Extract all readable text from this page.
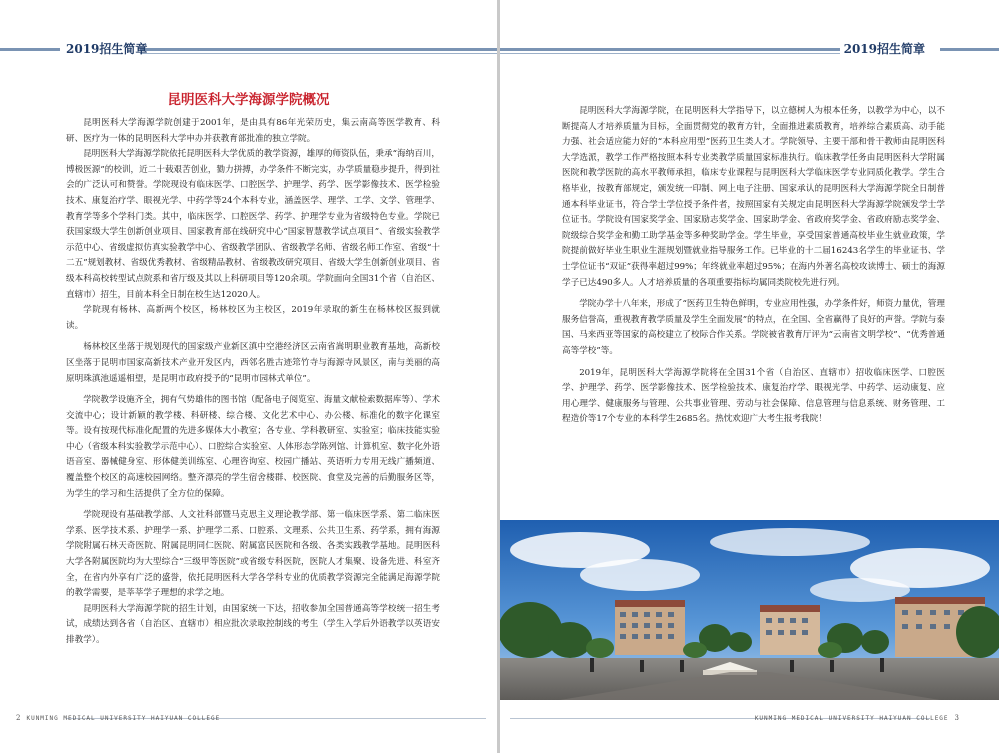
2019招生简章
昆明医科大学海源学院概况

昆明医科大学海源学院创建于2001年，是由具有86年光荣历史，集云南高等医学教育、科研、医疗为一体的昆明医科大学申办并获教育部批准的独立学院。

昆明医科大学海源学院依托昆明医科大学优质的教学资源，雄厚的师资队伍，秉承“海纳百川，博极医源”的校训，近二十载艰苦创业，勠力拼搏，办学条件不断完实，办学质量稳步提升，得到社会的广泛认可和赞誉。学院现设有临床医学、口腔医学、护理学、药学、医学影像技术、医学检验技术、康复治疗学、眼视光学、中药学等24个本科专业，涵盖医学、理学、工学、文学、管理学、教育学等多个学科门类。其中，临床医学、口腔医学、药学、护理学专业为省级特色专业。学院已获国家级大学生创新创业项目、国家教育部在线研究中心“国家智慧教学试点项目”、省级实验教学示范中心、省级虚拟仿真实验教学中心、省级教学团队、省级教学名师、省级名师工作室、省级“十二五”规划教材、省级优秀教材、省级精品教材、省级教改研究项目、省级大学生创新创业项目、省级本科高校转型试点院系和省厅级及其以上科研项目等120余项。学院面向全国31个省（自治区、直辖市）招生，目前本科全日制在校生达12020人。

学院现有杨林、高新两个校区，杨林校区为主校区，2019年录取的新生在杨林校区报到就读。

杨林校区坐落于规划现代的国家级产业新区滇中空港经济区云南省嵩明职业教育基地，高新校区坐落于昆明市国家高新技术产业开发区内，西邻名胜古迹筇竹寺与海源寺风景区，南与美丽的高原明珠滇池遥遥相望，是昆明市政府授予的“昆明市园林式单位”。

学院教学设施齐全，拥有气势雄伟的图书馆（配备电子阅览室、海量文献检索数据库等）、学术交流中心；设计新颖的教学楼、科研楼、综合楼、文化艺术中心、办公楼、标准化的数字化课室等。设有按现代标准化配置的先进多媒体大小教室；各专业、学科教研室、实验室；临床技能实验中心（省级本科实验教学示范中心）、口腔综合实验室、人体形态学陈列馆、计算机室、数字化外语语音室、器械健身室、形体健美训练室、心理咨询室、校园广播站、英语听力专用无线广播频道、覆盖整个校区的高速校园网络。整齐漂亮的学生宿舍楼群、校医院、食堂及完善的后勤服务区等，为学生的学习和生活提供了全方位的保障。

学院现设有基础教学部、人文社科部暨马克思主义理论教学部、第一临床医学系、第二临床医学系、医学技术系、护理学一系、护理学二系、口腔系、文理系、公共卫生系、药学系，拥有海源学院附属石林天奇医院、附属昆明同仁医院、附属富民医院和各级、各类实践教学基地。昆明医科大学各附属医院均为大型综合“三级甲等医院”或省级专科医院，医院人才集聚、设备先进、科室齐全，在省内外享有广泛的盛誉，依托昆明医科大学各学科专业的优质教学资源完全能满足海源学院的教学需要，是莘莘学子理想的求学之地。

昆明医科大学海源学院的招生计划，由国家统一下达，招收参加全国普通高等学校统一招生考试，成绩达到各省（自治区、直辖市）相应批次录取控制线的考生（学生入学后外语教学以英语安排教学）。

2 KUNMING MEDICAL UNIVERSITY HAIYUAN COLLEGE
2019招生简章

昆明医科大学海源学院，在昆明医科大学指导下，以立德树人为根本任务，以教学为中心，以不断提高人才培养质量为目标，全面贯彻党的教育方针，全面推进素质教育，培养综合素质高、动手能力强、社会适应能力好的“本科应用型”医药卫生类人才。学院领导、主要干部和骨干教师由昆明医科大学选派，教学工作严格按照本科专业类教学质量国家标准执行。临床教学任务由昆明医科大学附属医院和教学医院的高水平教师承担，临床专业课程与昆明医科大学临床医学专业同质化教学。学生合格毕业，按教育部规定，颁发统一印制、网上电子注册、国家承认的昆明医科大学海源学院全日制普通本科毕业证书，符合学士学位授予条件者，按照国家有关规定由昆明医科大学海源学院颁发学士学位证书。学院设有国家奖学金、国家励志奖学金、国家助学金、省政府奖学金、省政府励志奖学金、院级综合奖学金和勤工助学基金等多种奖助学金。学生毕业，享受国家普通高校毕业生就业政策，学院提前做好毕业生职业生涯规划暨就业指导服务工作。已毕业的十二届16243名学生的毕业证书、学士学位证书“双证”获得率超过99%；年终就业率超过95%；在海内外著名高校攻读博士、硕士的海源学子已达490多人。人才培养质量的各项重要指标均属同类院校先进行列。

学院办学十八年来，形成了“医药卫生特色鲜明，专业应用性强，办学条件好，师资力量优，管理服务信誉高，重视教育教学质量及学生全面发展”的特点，在全国、全省赢得了良好的声誉。学院与泰国、马来西亚等国家的高校建立了校际合作关系。学院被省教育厅评为“云南省文明学校”、“优秀普通高等学校”等。

2019年，昆明医科大学海源学院将在全国31个省（自治区、直辖市）招收临床医学、口腔医学、护理学、药学、医学影像技术、医学检验技术、康复治疗学、眼视光学、中药学、运动康复、应用心理学、健康服务与管理、公共事业管理、劳动与社会保障、信息管理与信息系统、财务管理、工程造价等17个专业的本科学生2685名。热忱欢迎广大考生报考我院！

KUNMING MEDICAL UNIVERSITY HAIYUAN COLLEGE 3
